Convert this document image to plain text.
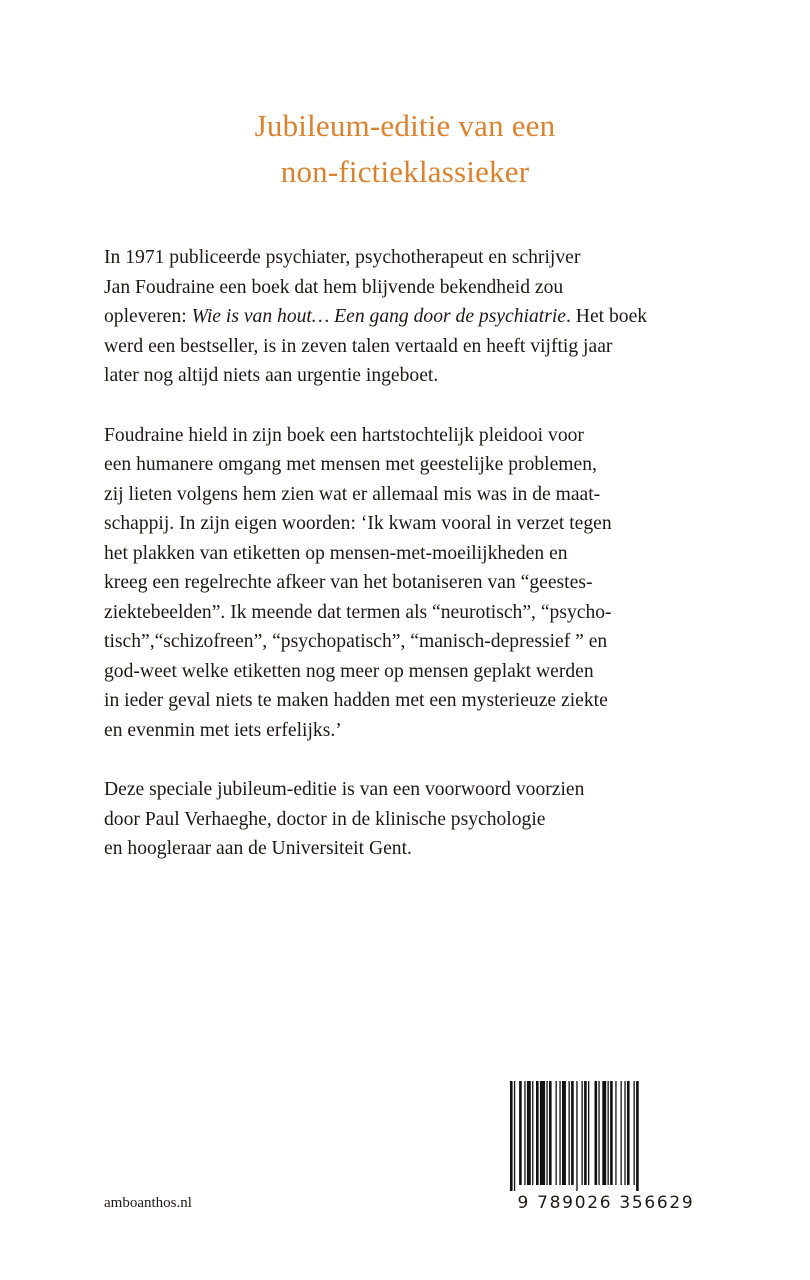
Jubileum-editie van een
non-fictieklassieker

In 1971 publiceerde psychiater, psychotherapeut en schrijver
Jan Foudraine een boek dat hem blijvende bekendheid zou
opleveren: Wie is van hout… Een gang door de psychiatrie. Het boek
werd een bestseller, is in zeven talen vertaald en heeft vijftig jaar
later nog altijd niets aan urgentie ingeboet.

Foudraine hield in zijn boek een hartstochtelijk pleidooi voor
een humanere omgang met mensen met geestelijke problemen,
zij lieten volgens hem zien wat er allemaal mis was in de maat-
schappij. In zijn eigen woorden: ‘Ik kwam vooral in verzet tegen
het plakken van etiketten op mensen-met-moeilijkheden en
kreeg een regelrechte afkeer van het botaniseren van “geestes-
ziektebeelden”. Ik meende dat termen als “neurotisch”, “psycho-
tisch”,“schizofreen”, “psychopatisch”, “manisch-depressief ” en
god-weet welke etiketten nog meer op mensen geplakt werden
in ieder geval niets te maken hadden met een mysterieuze ziekte
en evenmin met iets erfelijks.’

Deze speciale jubileum-editie is van een voorwoord voorzien
door Paul Verhaeghe, doctor in de klinische psychologie
en hoogleraar aan de Universiteit Gent.

amboanthos.nl	9 789026 356629
